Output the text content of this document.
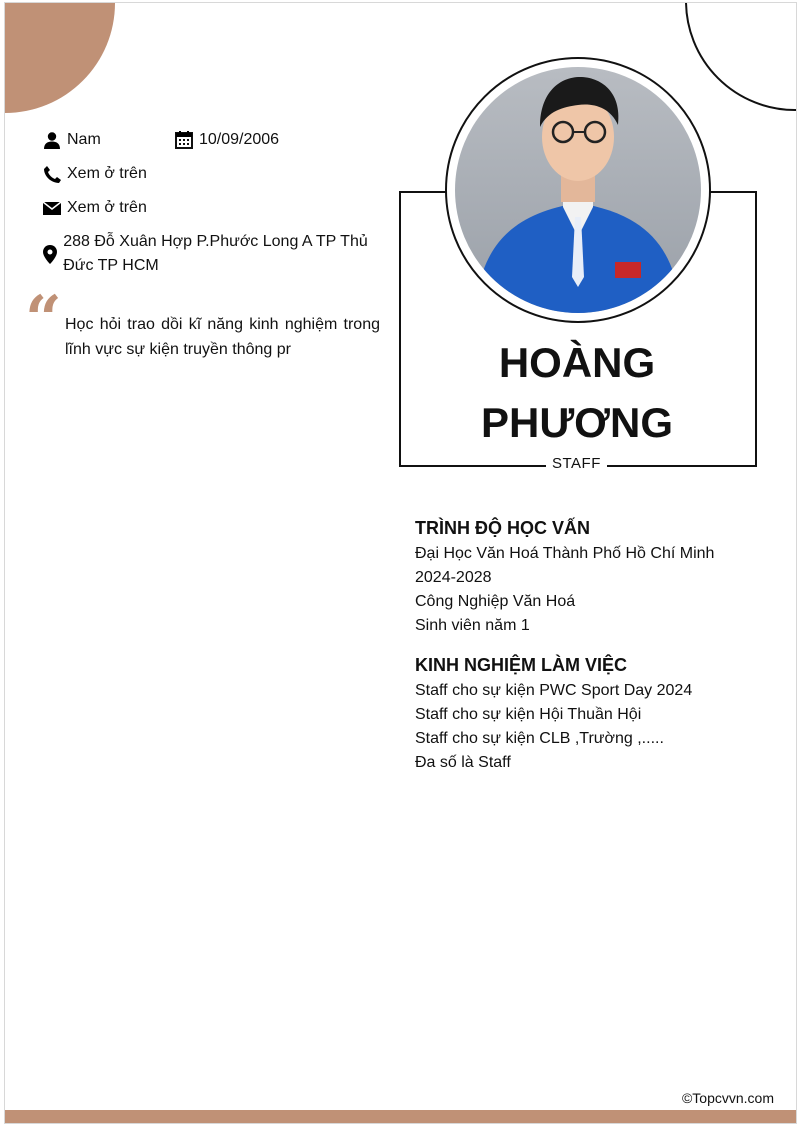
Nam	10/09/2006
Xem ở trên
Xem ở trên
288 Đỗ Xuân Hợp P.Phước Long A TP Thủ Đức TP HCM
“ Học hỏi trao dồi kĩ năng kinh nghiệm trong lĩnh vực sự kiện truyền thông pr	HOÀNG PHƯƠNG
STAFF
TRÌNH ĐỘ HỌC VẤN
Đại Học Văn Hoá Thành Phố Hồ Chí Minh
2024-2028
Công Nghiệp Văn Hoá
Sinh viên năm 1
KINH NGHIỆM LÀM VIỆC
Staff cho sự kiện PWC Sport Day 2024
Staff cho sự kiện Hội Thuần Hội
Staff cho sự kiện CLB ,Trường ,.....
Đa số là Staff
©Topcvvn.com
